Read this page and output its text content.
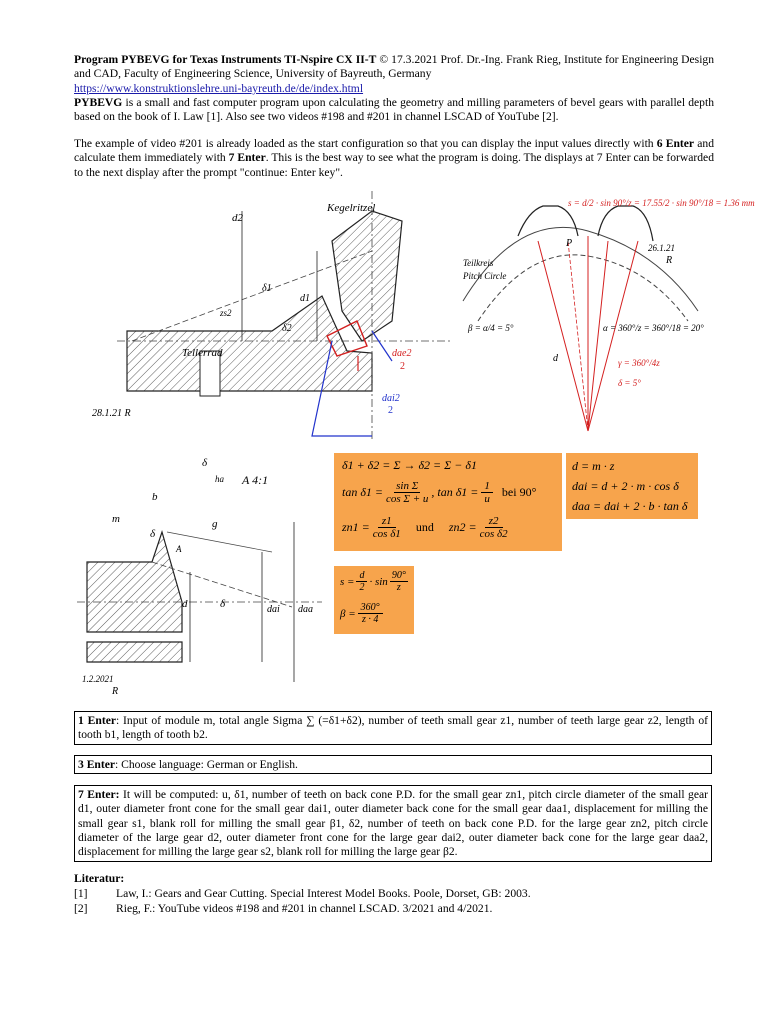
Program PYBEVG for Texas Instruments TI-Nspire CX II-T © 17.3.2021 Prof. Dr.-Ing. Frank Rieg, Institute for Engineering Design and CAD, Faculty of Engineering Science, University of Bayreuth, Germany
https://www.konstruktionslehre.uni-bayreuth.de/de/index.html
PYBEVG is a small and fast computer program upon calculating the geometry and milling parameters of bevel gears with parallel depth based on the book of I. Law [1]. Also see two videos #198 and #201 in channel LSCAD of YouTube [2].
The example of video #201 is already loaded as the start configuration so that you can display the input values directly with 6 Enter and calculate them immediately with 7 Enter. This is the best way to see what the program is doing. The displays at 7 Enter can be forwarded to the next display after the prompt "continue: Enter key".
d2
δ1
δ2
d1
zs2
Kegelritzel
Tellerrad
28.1.21 R
dae2
2
dai2
2
s = d/2 · sin 90°/z = 17.55/2 · sin 90°/18 = 1.36 mm
P
Teilkreis
Pitch Circle
β = α/4 = 5°	α = 360°/z = 360°/18 = 20°
γ = 360°/4z
δ = 5°
d
26.1.21
R
δ
A 4:1
ha
b
m
δ
g
A
d	δ	dai daa
1.2.2021
R
δ1 + δ2 = Σ → δ2 = Σ − δ1
$\tan \delta 1 = \frac{\text{sin Σ}}{\text{cos Σ + u}}$ , $\tan \delta 1 = \frac{1}{u}$ bei 90°
$zn1 = \frac{z1}{\text{cos δ1}}$ und $zn2 = \frac{z2}{\text{cos δ2}}$
d = m · z
dai = d + 2 · m · cos δ
daa = dai + 2 · b · tan δ
$s = \frac{d}{2} \cdot \sin 90^\circ$
z
$\beta = \frac{360^\circ}{z \cdot 4}$
1 Enter: Input of module m, total angle Sigma ∑ (=δ1+δ2), number of teeth small gear z1, number of teeth large gear z2, length of tooth b1, length of tooth b2.
3 Enter: Choose language: German or English.
7 Enter: It will be computed: u, δ1, number of teeth on back cone P.D. for the small gear zn1, pitch circle diameter of the small gear d1, outer diameter front cone for the small gear dai1, outer diameter back cone for the small gear daa1, displacement for milling the small gear s1, blank roll for milling the small gear β1, δ2, number of teeth on back cone P.D. for the large gear zn2, pitch circle diameter of the large gear d2, outer diameter front cone for the large gear dai2, outer diameter back cone for the large gear daa2, displacement for milling the large gear s2, blank roll for milling the large gear β2.
Literatur:
[1]	Law, I.: Gears and Gear Cutting. Special Interest Model Books. Poole, Dorset, GB: 2003.
[2]	Rieg, F.: YouTube videos #198 and #201 in channel LSCAD. 3/2021 and 4/2021.
